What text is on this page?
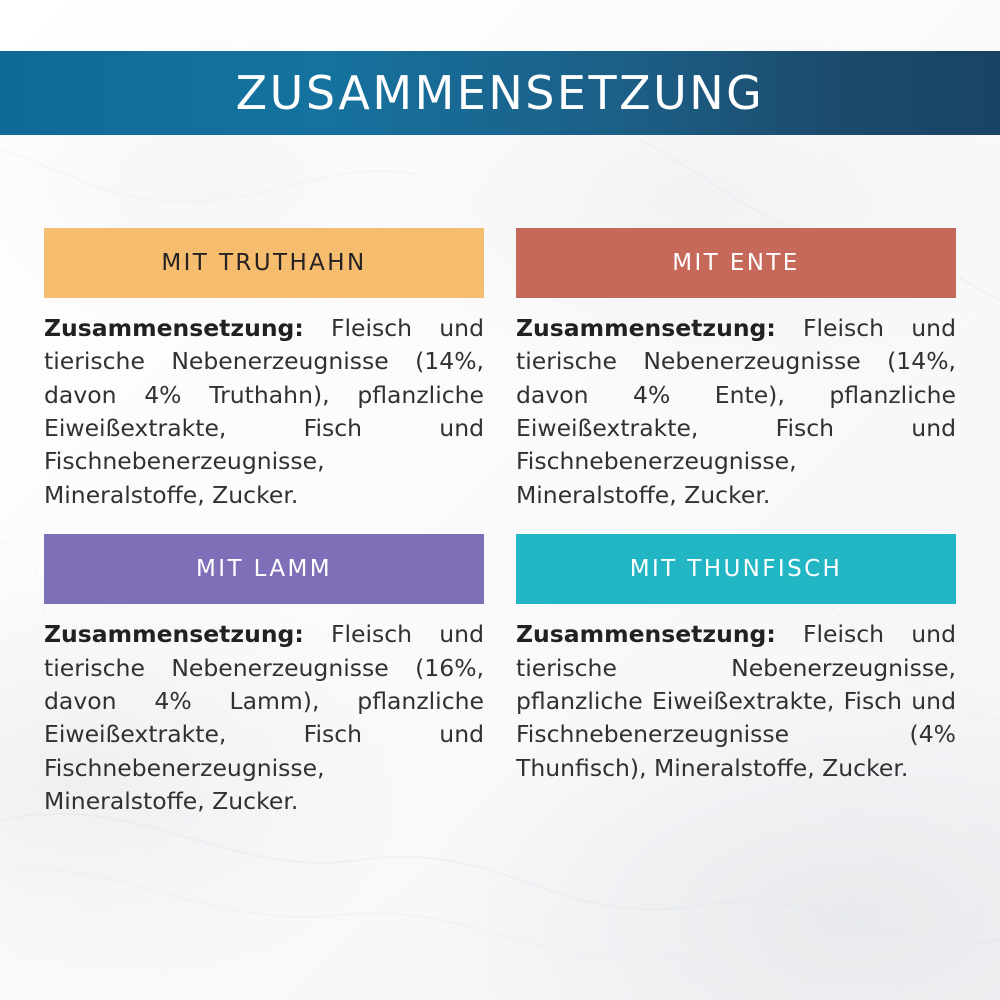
ZUSAMMENSETZUNG
MIT TRUTHAHN
Zusammensetzung: Fleisch und tierische Nebenerzeugnisse (14%, davon 4% Truthahn), pflanzliche Eiweißextrakte, Fisch und Fischnebenerzeugnisse, Mineralstoffe, Zucker.
MIT ENTE
Zusammensetzung: Fleisch und tierische Nebenerzeugnisse (14%, davon 4% Ente), pflanzliche Eiweißextrakte, Fisch und Fischnebenerzeugnisse, Mineralstoffe, Zucker.
MIT LAMM
Zusammensetzung: Fleisch und tierische Nebenerzeugnisse (16%, davon 4% Lamm), pflanzliche Eiweißextrakte, Fisch und Fischnebenerzeugnisse, Mineralstoffe, Zucker.
MIT THUNFISCH
Zusammensetzung: Fleisch und tierische Nebenerzeugnisse, pflanzliche Eiweißextrakte, Fisch und Fischnebenerzeugnisse (4% Thunfisch), Mineralstoffe, Zucker.
